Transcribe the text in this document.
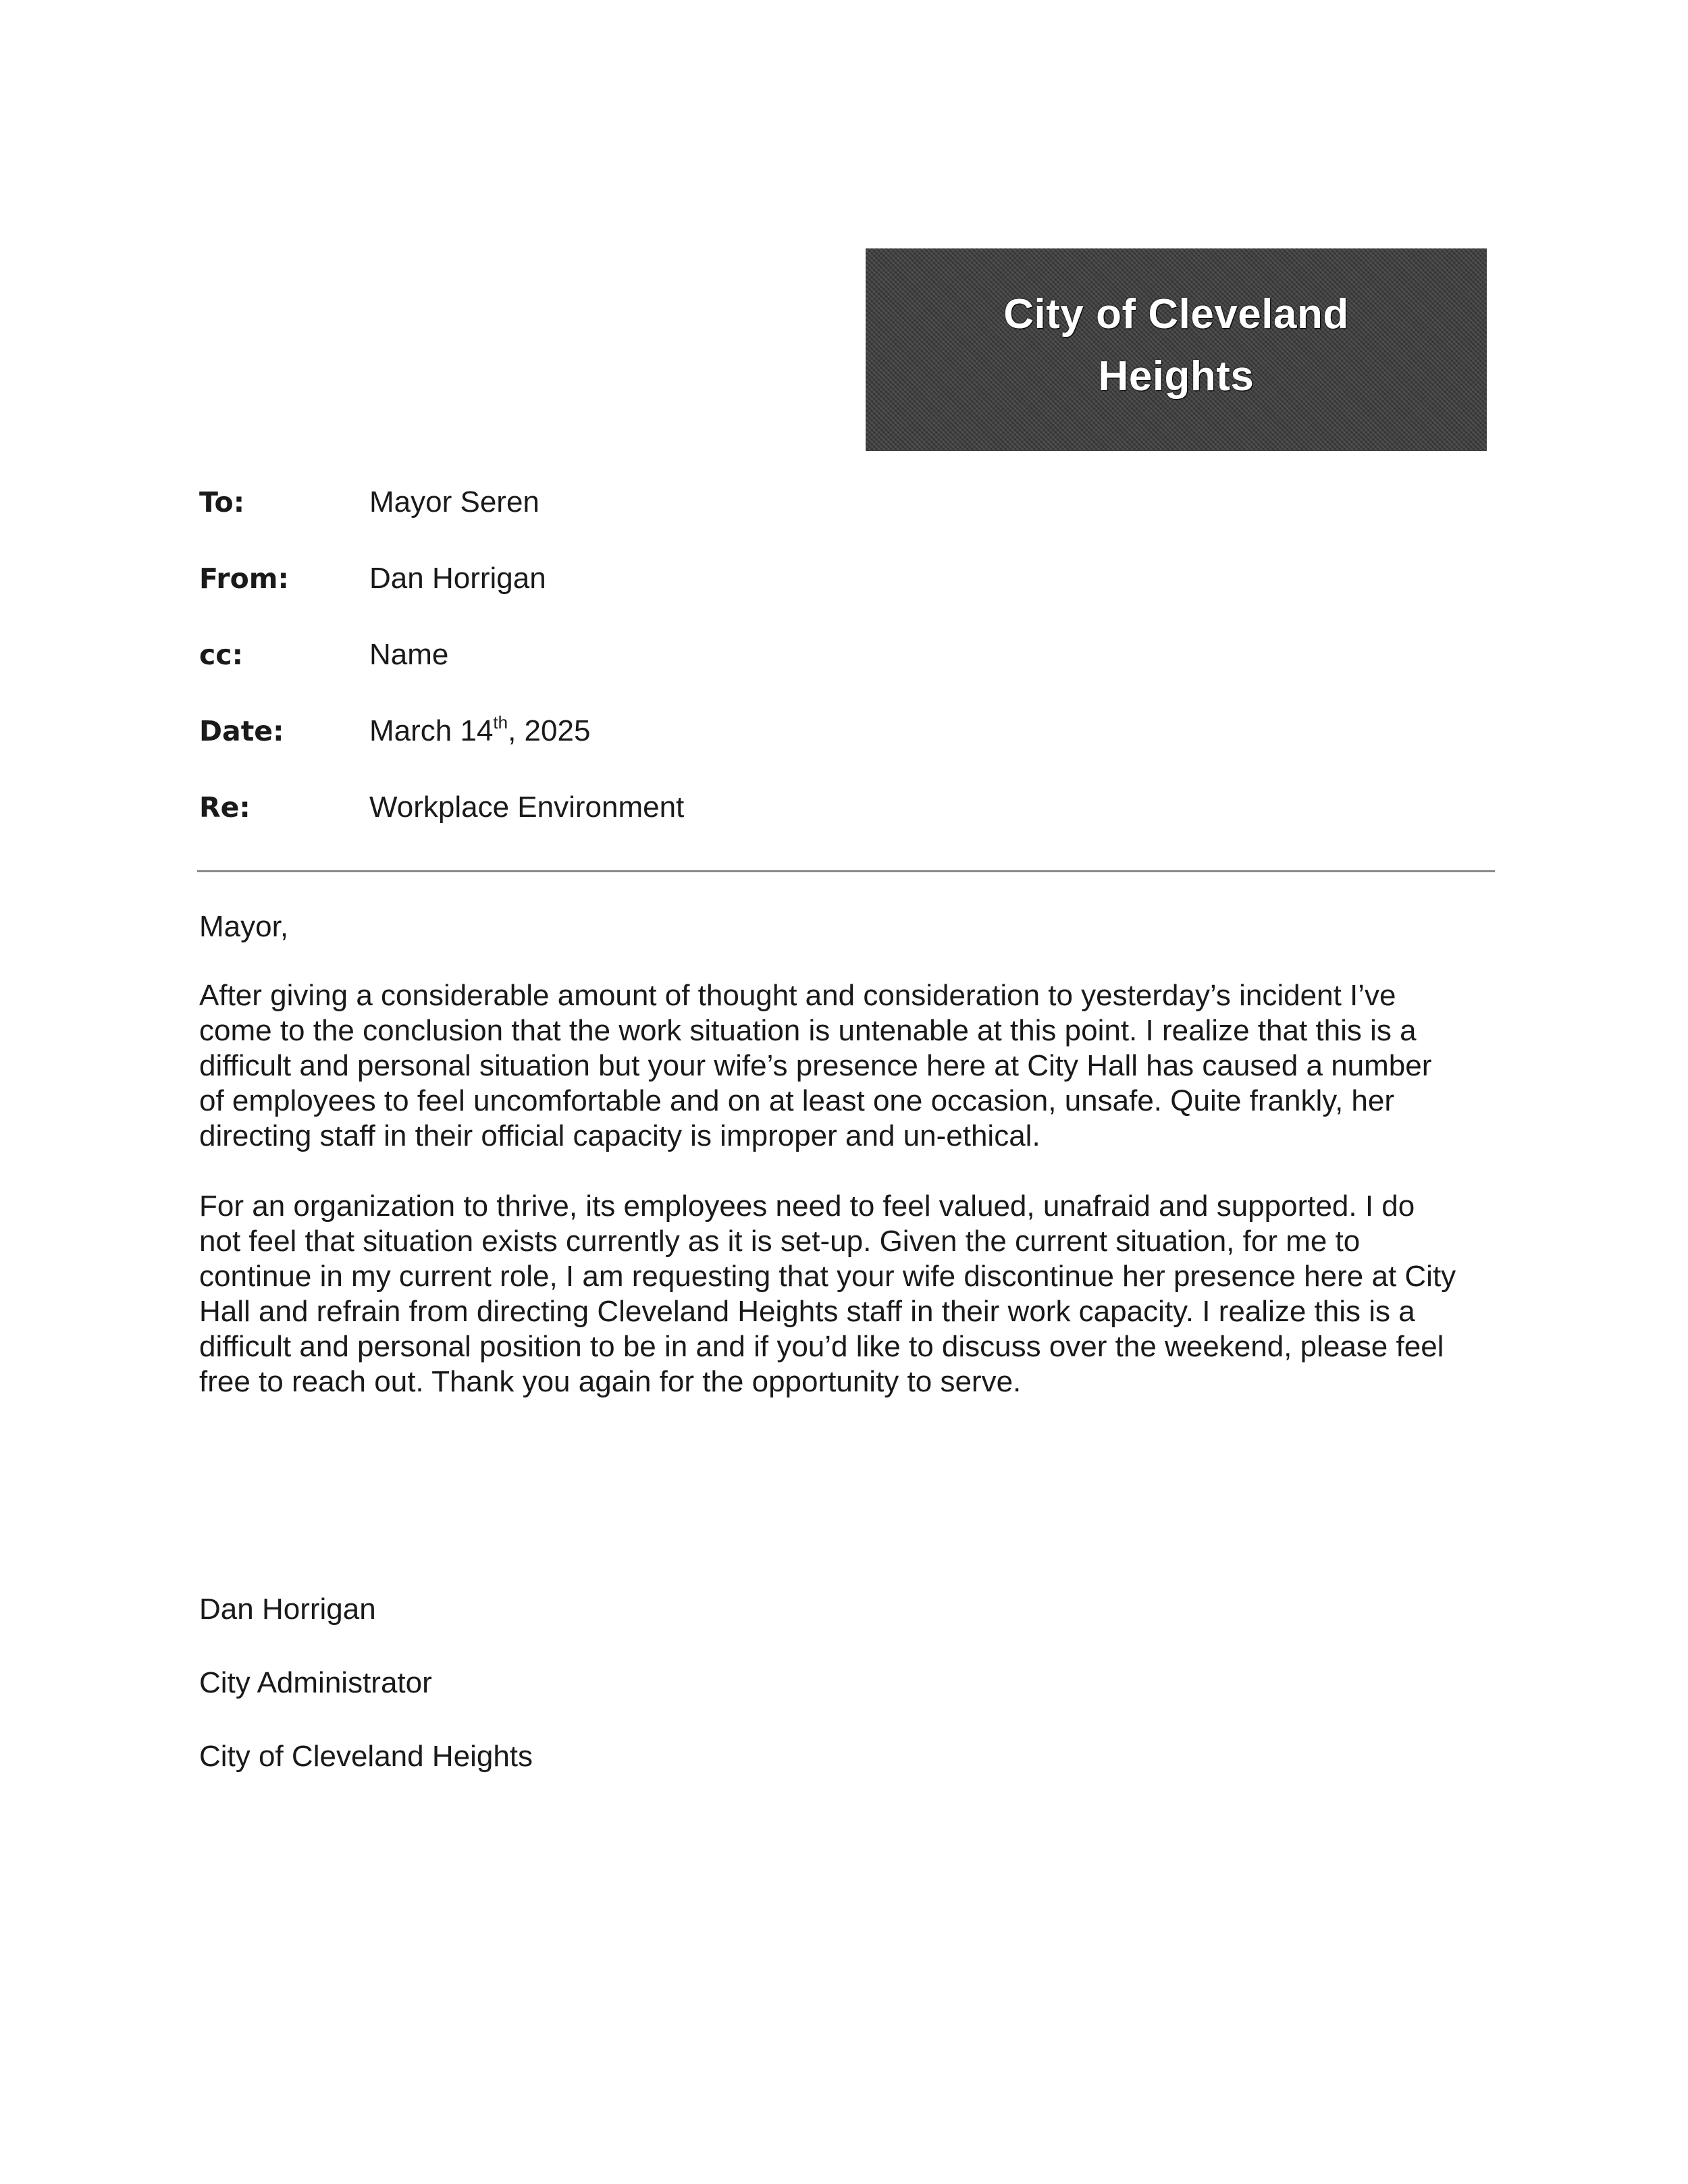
City of Cleveland Heights
To:	Mayor Seren
From:	Dan Horrigan
cc:	Name
Date:	March 14th, 2025
Re:	Workplace Environment

Mayor,

After giving a considerable amount of thought and consideration to yesterday’s incident I’ve
come to the conclusion that the work situation is untenable at this point. I realize that this is a
difficult and personal situation but your wife’s presence here at City Hall has caused a number
of employees to feel uncomfortable and on at least one occasion, unsafe. Quite frankly, her
directing staff in their official capacity is improper and un-ethical.

For an organization to thrive, its employees need to feel valued, unafraid and supported. I do
not feel that situation exists currently as it is set-up. Given the current situation, for me to
continue in my current role, I am requesting that your wife discontinue her presence here at City
Hall and refrain from directing Cleveland Heights staff in their work capacity. I realize this is a
difficult and personal position to be in and if you’d like to discuss over the weekend, please feel
free to reach out. Thank you again for the opportunity to serve.

Dan Horrigan
City Administrator
City of Cleveland Heights
